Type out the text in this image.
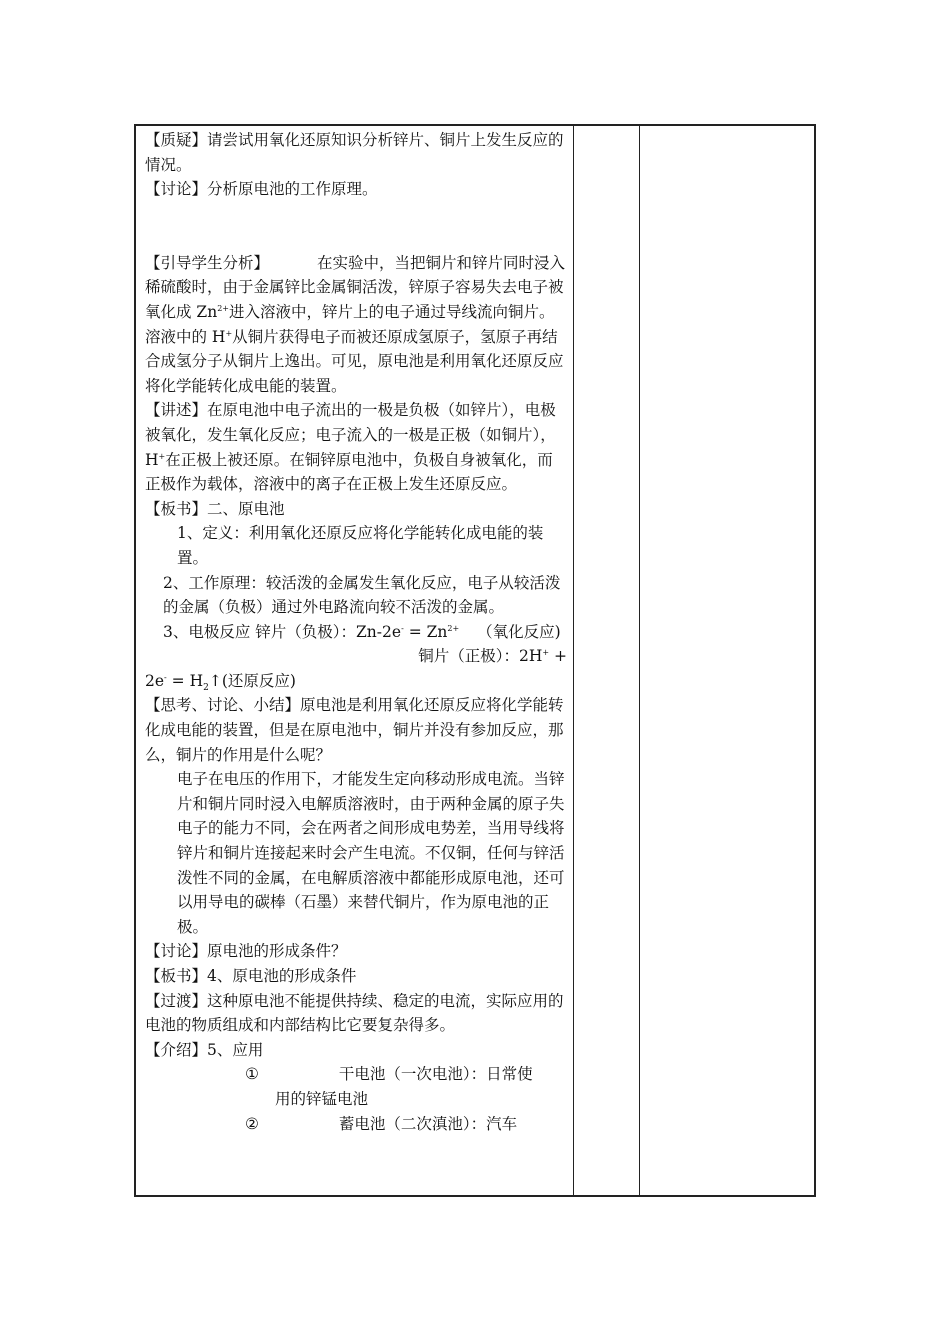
【质疑】请尝试用氧化还原知识分析锌片、铜片上发生反应的情况。

【讨论】分析原电池的工作原理。

【引导学生分析】	在实验中，当把铜片和锌片同时浸入稀硫酸时，由于金属锌比金属铜活泼，锌原子容易失去电子被氧化成 $Zn^{2+}$进入溶液中，锌片上的电子通过导线流向铜片。溶液中的 H+从铜片获得电子而被还原成氢原子，氢原子再结合成氢分子从铜片上逸出。可见，原电池是利用氧化还原反应将化学能转化成电能的装置。

【讲述】在原电池中电子流出的一极是负极（如锌片），电极被氧化，发生氧化反应；电子流入的一极是正极（如铜片），H+在正极上被还原。在铜锌原电池中，负极自身被氧化，而正极作为载体，溶液中的离子在正极上发生还原反应。

【板书】二、原电池

1、定义：利用氧化还原反应将化学能转化成电能的装置。

2、工作原理：较活泼的金属发生氧化反应，电子从较活泼的金属（负极）通过外电路流向较不活泼的金属。

3、电极反应 锌片（负极）：$Zn-2e^- = Zn^{2+}$ （氧化反应)

铜片（正极）：2H+ +

$2e^- = H_2↑$(还原反应)

【思考、讨论、小结】原电池是利用氧化还原反应将化学能转化成电能的装置，但是在原电池中，铜片并没有参加反应，那么，铜片的作用是什么呢？

电子在电压的作用下，才能发生定向移动形成电流。当锌片和铜片同时浸入电解质溶液时，由于两种金属的原子失电子的能力不同，会在两者之间形成电势差，当用导线将锌片和铜片连接起来时会产生电流。不仅铜，任何与锌活泼性不同的金属，在电解质溶液中都能形成原电池，还可以用导电的碳棒（石墨）来替代铜片，作为原电池的正极。

【讨论】原电池的形成条件？

【板书】4、原电池的形成条件

【过渡】这种原电池不能提供持续、稳定的电流，实际应用的电池的物质组成和内部结构比它要复杂得多。

【介绍】5、应用

①	干电池（一次电池）：日常使

用的锌锰电池

②	蓄电池（二次滇池）：汽车
